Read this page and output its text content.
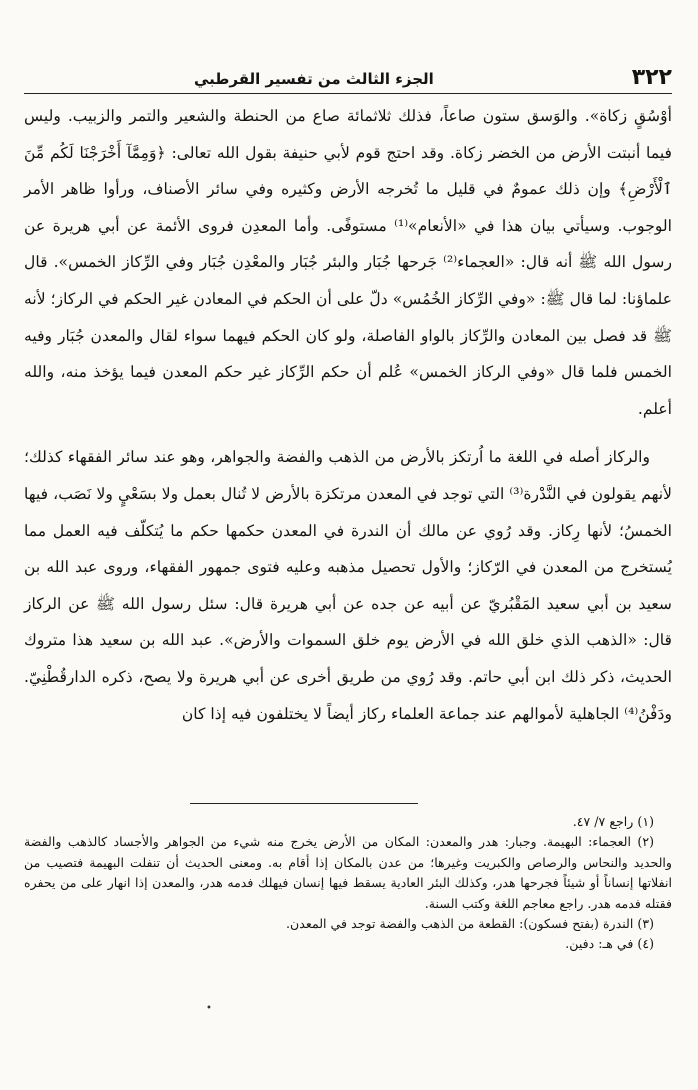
٣٢٢
الجزء الثالث من تفسير القرطبي

أوْسُقٍ زكاة». والوَسق ستون صاعاً، فذلك ثلاثمائة صاع من الحنطة والشعير والتمر والزبيب. وليس فيما أنبتت الأرض من الخضر زكاة. وقد احتج قوم لأبي حنيفة بقول الله تعالى: ﴿وَمِمَّآ أَخْرَجْنَا لَكُم مِّنَ ٱلْأَرْضِ﴾ وإن ذلك عمومٌ في قليل ما تُخرجه الأرض وكثيره وفي سائر الأصناف، ورأوا ظاهر الأمر الوجوب. وسيأتي بيان هذا في «الأنعام»⁽¹⁾ مستوفًى. وأما المعدِن فروى الأئمة عن أبي هريرة عن رسول الله ﷺ أنه قال: «العجماء⁽²⁾ جَرحها جُبَار والبئر جُبَار والمعْدِن جُبَار وفي الرِّكاز الخمس». قال علماؤنا: لما قال ﷺ: «وفي الرِّكاز الخُمُس» دلّ على أن الحكم في المعادن غير الحكم في الركاز؛ لأنه ﷺ قد فصل بين المعادن والرِّكاز بالواو الفاصلة، ولو كان الحكم فيهما سواء لقال والمعدن جُبَار وفيه الخمس فلما قال «وفي الركاز الخمس» عُلم أن حكم الرِّكاز غير حكم المعدن فيما يؤخذ منه، والله أعلم.

والركاز أصله في اللغة ما اُرتكز بالأرض من الذهب والفضة والجواهر، وهو عند سائر الفقهاء كذلك؛ لأنهم يقولون في النَّدْرة⁽³⁾ التي توجد في المعدن مرتكزة بالأرض لا تُنال بعمل ولا بسَعْيٍ ولا نَصَب، فيها الخمسُ؛ لأنها رِكاز. وقد رُوي عن مالك أن الندرة في المعدن حكمها حكم ما يُتكلّف فيه العمل مما يُستخرج من المعدن في الرّكاز؛ والأول تحصيل مذهبه وعليه فتوى جمهور الفقهاء، وروى عبد الله بن سعيد بن أبي سعيد المَقْبُريّ عن أبيه عن جده عن أبي هريرة قال: سئل رسول الله ﷺ عن الركاز قال: «الذهب الذي خلق الله في الأرض يوم خلق السموات والأرض». عبد الله بن سعيد هذا متروك الحديث، ذكر ذلك ابن أبي حاتم. وقد رُوي من طريق أخرى عن أبي هريرة ولا يصح، ذكره الدارقُطْنِيّ. ودَفْنُ⁽⁴⁾ الجاهلية لأموالهم عند جماعة العلماء ركاز أيضاً لا يختلفون فيه إذا كان

(١) راجع ٧/ ٤٧.

(٢) العجماء: البهيمة. وجبار: هدر والمعدن: المكان من الأرض يخرج منه شيء من الجواهر والأجساد كالذهب والفضة والحديد والنحاس والرصاص والكبريت وغيرها؛ من عدن بالمكان إذا أقام به. ومعنى الحديث أن تنفلت البهيمة فتصيب من انفلاتها إنساناً أو شيئاً فجرحها هدر، وكذلك البئر العادية يسقط فيها إنسان فيهلك فدمه هدر، والمعدن إذا انهار على من يحفره فقتله فدمه هدر. راجع معاجم اللغة وكتب السنة.

(٣) الندرة (بفتح فسكون): القطعة من الذهب والفضة توجد في المعدن.

(٤) في هـ: دفين.

•
